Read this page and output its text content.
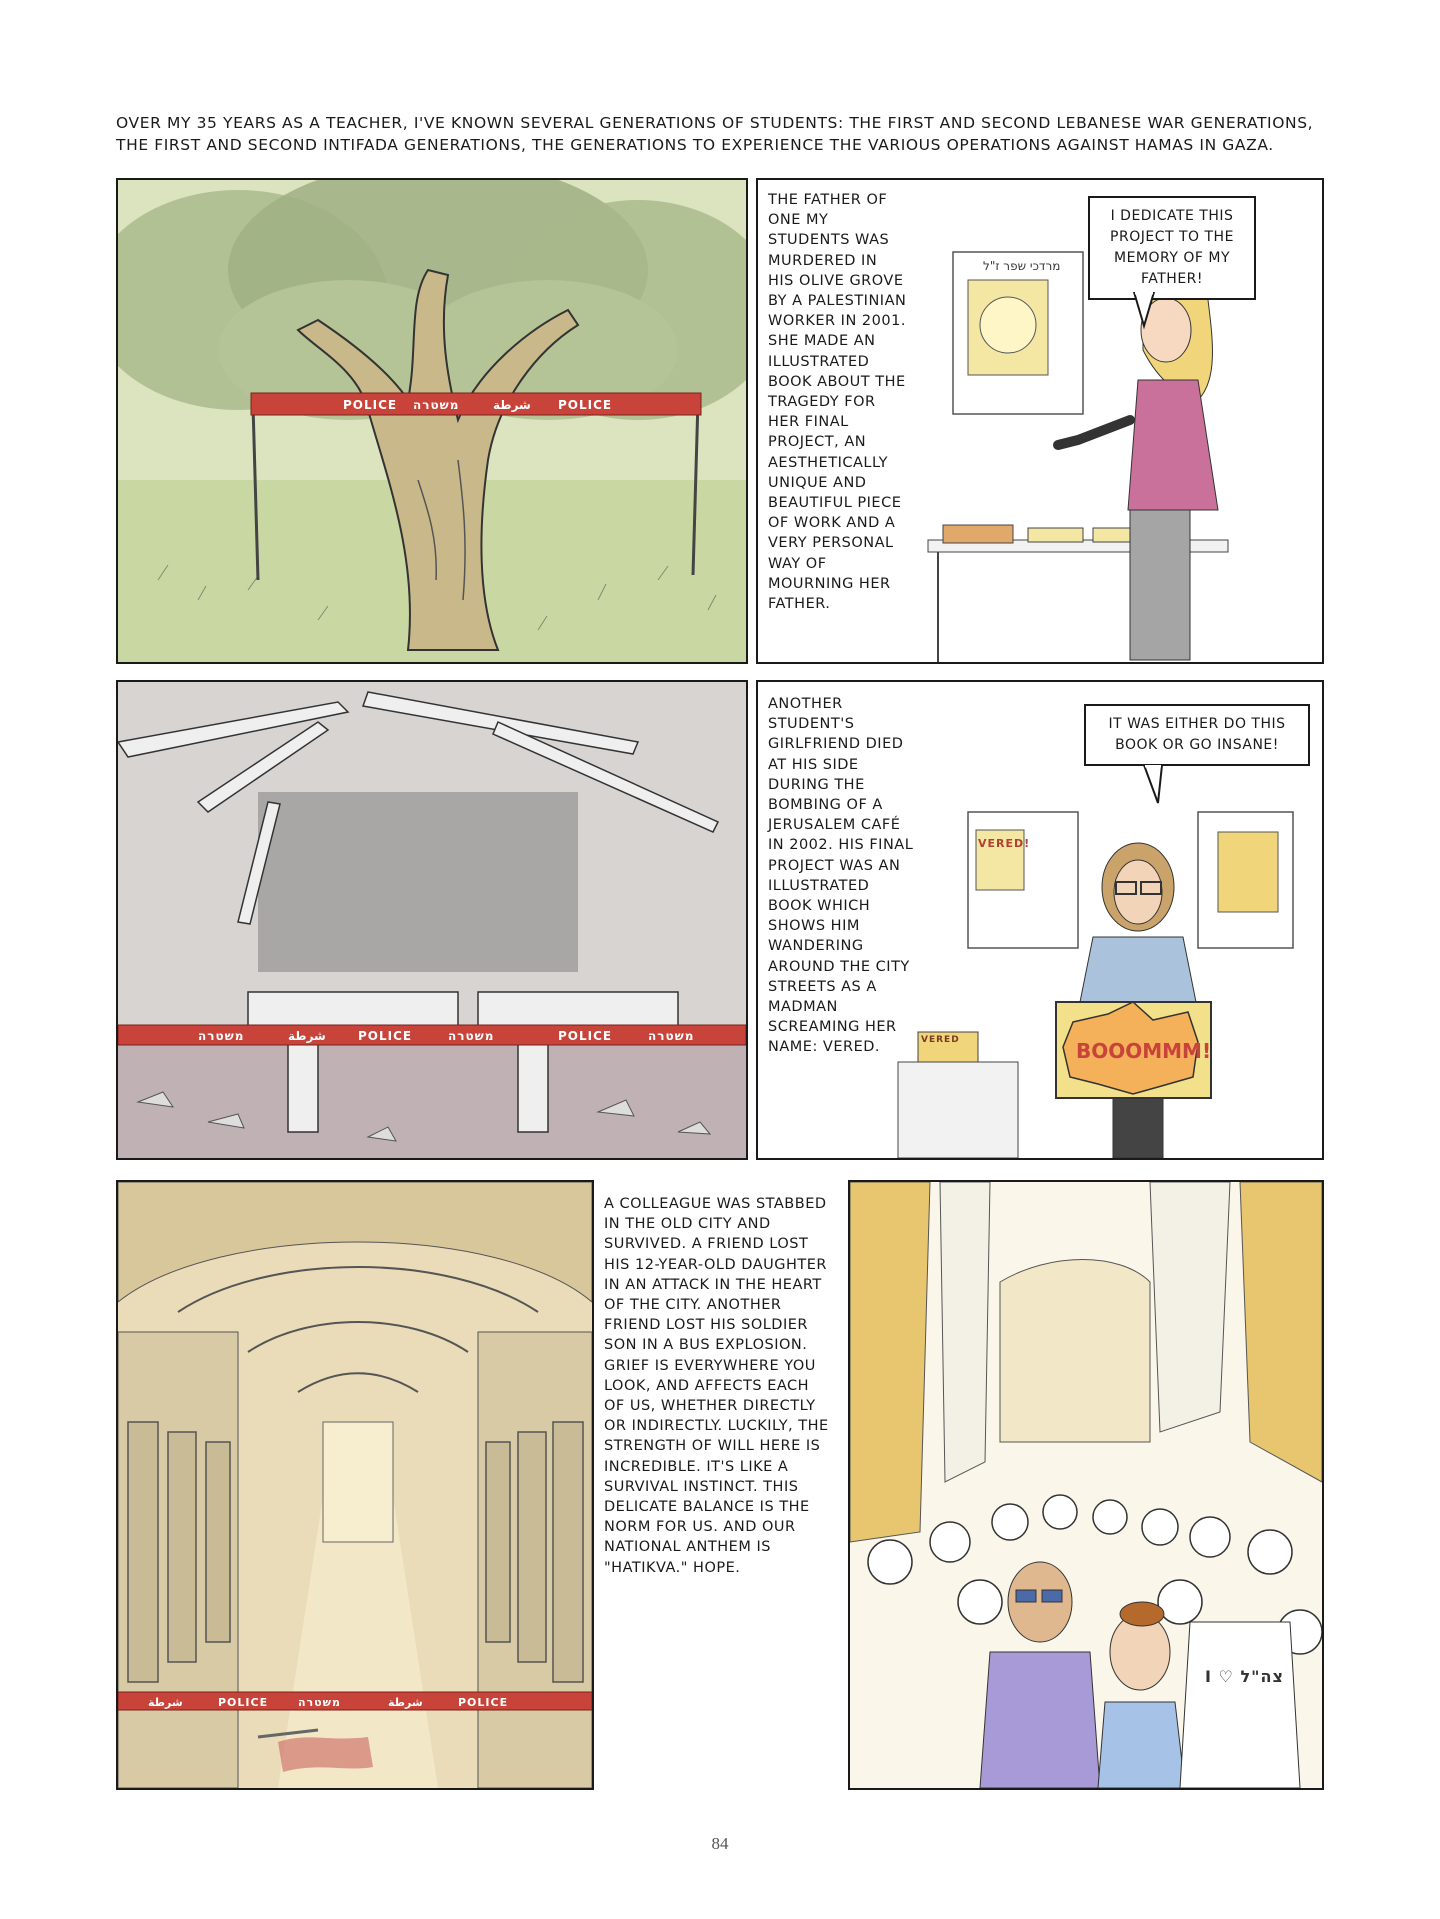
OVER MY 35 YEARS AS A TEACHER, I'VE KNOWN SEVERAL GENERATIONS OF STUDENTS: THE FIRST AND SECOND LEBANESE WAR GENERATIONS, THE FIRST AND SECOND INTIFADA GENERATIONS, THE GENERATIONS TO EXPERIENCE THE VARIOUS OPERATIONS AGAINST HAMAS IN GAZA.

POLICE משטרה	شرطة POLICE

THE FATHER OF ONE MY STUDENTS WAS MURDERED IN HIS OLIVE GROVE BY A PALESTINIAN WORKER IN 2001. SHE MADE AN ILLUSTRATED BOOK ABOUT THE TRAGEDY FOR HER FINAL PROJECT, AN AESTHETICALLY UNIQUE AND BEAUTIFUL PIECE OF WORK AND A VERY PERSONAL WAY OF MOURNING HER FATHER.

מרדכי שפר ז"ל
I DEDICATE THIS PROJECT TO THE MEMORY OF MY FATHER!
משטרה	شرطة	POLICE	משטרה	POLICE	משטרה

ANOTHER STUDENT'S GIRLFRIEND DIED AT HIS SIDE DURING THE BOMBING OF A JERUSALEM CAFÉ IN 2002. HIS FINAL PROJECT WAS AN ILLUSTRATED BOOK WHICH SHOWS HIM WANDERING AROUND THE CITY STREETS AS A MADMAN SCREAMING HER NAME: VERED.

VERED!
VERED	BOOOMMM!
IT WAS EITHER DO THIS BOOK OR GO INSANE!
شرطة	POLICE	משטרה	شرطة	POLICE

A COLLEAGUE WAS STABBED IN THE OLD CITY AND SURVIVED. A FRIEND LOST HIS 12-YEAR-OLD DAUGHTER IN AN ATTACK IN THE HEART OF THE CITY. ANOTHER FRIEND LOST HIS SOLDIER SON IN A BUS EXPLOSION. GRIEF IS EVERYWHERE YOU LOOK, AND AFFECTS EACH OF US, WHETHER DIRECTLY OR INDIRECTLY. LUCKILY, THE STRENGTH OF WILL HERE IS INCREDIBLE. IT'S LIKE A SURVIVAL INSTINCT. THIS DELICATE BALANCE IS THE NORM FOR US. AND OUR NATIONAL ANTHEM IS "HATIKVA." HOPE.

I ♡ צה"ל
84
